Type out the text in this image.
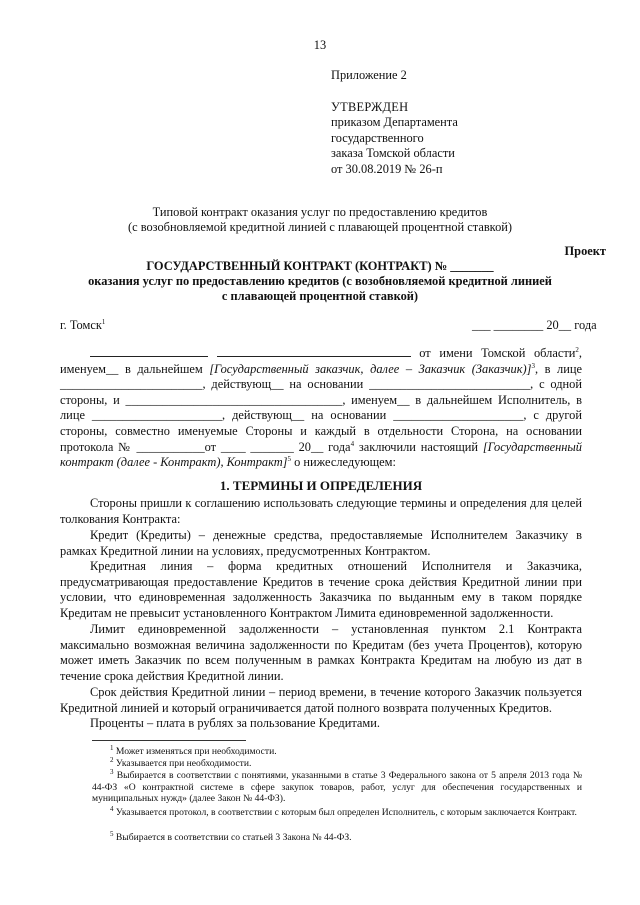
13
Приложение 2
УТВЕРЖДЕН
приказом Департамента
государственного
заказа Томской области
от 30.08.2019 № 26-п
Типовой контракт оказания услуг по предоставлению кредитов
(с возобновляемой кредитной линией с плавающей процентной ставкой)
Проект
ГОСУДАРСТВЕННЫЙ КОНТРАКТ (КОНТРАКТ) № _______
оказания услуг по предоставлению кредитов (с возобновляемой кредитной линией
с плавающей процентной ставкой)
г. Томск$^1$	___ ________ 20__ года
от имени Томской области$^2$, именуем__ в дальнейшем [Государственный заказчик, далее – Заказчик (Заказчик)]$^3$, в лице _______________________, действующ__ на основании __________________________, с одной стороны, и ___________________________________, именуем__ в дальнейшем Исполнитель, в лице _____________________, действующ__ на основании _____________________, с другой стороны, совместно именуемые Стороны и каждый в отдельности Сторона, на основании протокола № ___________от ____ _______ 20__ года$^4$ заключили настоящий [Государственный контракт (далее - Контракт), Контракт]$^5$ о нижеследующем:
1. ТЕРМИНЫ И ОПРЕДЕЛЕНИЯ
Стороны пришли к соглашению использовать следующие термины и определения для целей толкования Контракта:
Кредит (Кредиты) – денежные средства, предоставляемые Исполнителем Заказчику в рамках Кредитной линии на условиях, предусмотренных Контрактом.
Кредитная линия – форма кредитных отношений Исполнителя и Заказчика, предусматривающая предоставление Кредитов в течение срока действия Кредитной линии при условии, что единовременная задолженность Заказчика по выданным ему в таком порядке Кредитам не превысит установленного Контрактом Лимита единовременной задолженности.
Лимит единовременной задолженности – установленная пунктом 2.1 Контракта максимально возможная величина задолженности по Кредитам (без учета Процентов), которую может иметь Заказчик по всем полученным в рамках Контракта Кредитам на любую из дат в течение срока действия Кредитной линии.
Срок действия Кредитной линии – период времени, в течение которого Заказчик пользуется Кредитной линией и который ограничивается датой полного возврата полученных Кредитов.
Проценты – плата в рублях за пользование Кредитами.
$^1$ Может изменяться при необходимости.
$^2$ Указывается при необходимости.
$^3$ Выбирается в соответствии с понятиями, указанными в статье 3 Федерального закона от 5 апреля 2013 года № 44-ФЗ «О контрактной системе в сфере закупок товаров, работ, услуг для обеспечения государственных и муниципальных нужд» (далее Закон № 44-ФЗ).
$^4$ Указывается протокол, в соответствии с которым был определен Исполнитель, с которым заключается Контракт.
$^5$ Выбирается в соответствии со статьей 3 Закона № 44-ФЗ.
